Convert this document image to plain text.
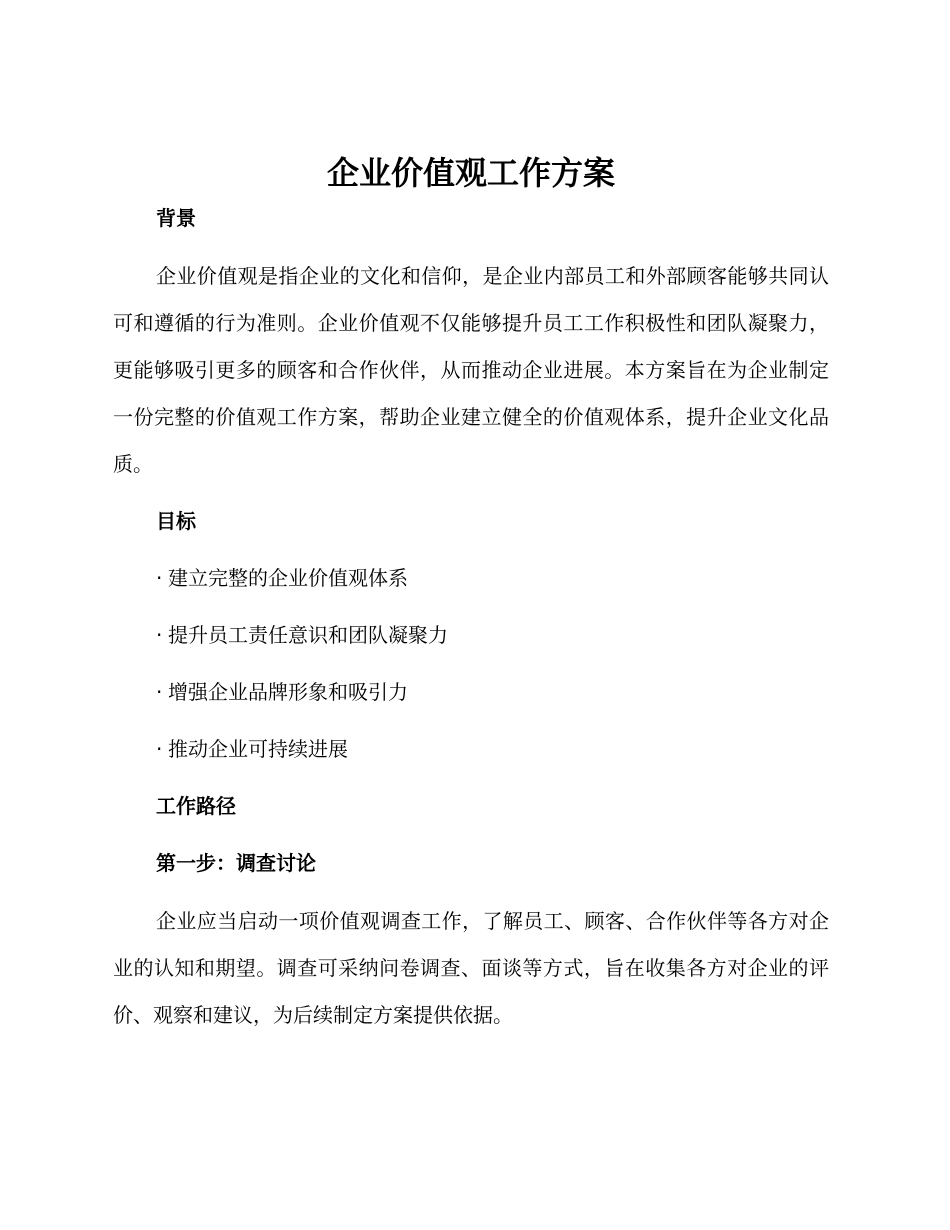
企业价值观工作方案
背景

企业价值观是指企业的文化和信仰，是企业内部员工和外部顾客能够共同认可和遵循的行为准则。企业价值观不仅能够提升员工工作积极性和团队凝聚力，更能够吸引更多的顾客和合作伙伴，从而推动企业进展。本方案旨在为企业制定一份完整的价值观工作方案，帮助企业建立健全的价值观体系，提升企业文化品质。

目标

· 建立完整的企业价值观体系

· 提升员工责任意识和团队凝聚力

· 增强企业品牌形象和吸引力

· 推动企业可持续进展

工作路径
第一步：调查讨论

企业应当启动一项价值观调查工作，了解员工、顾客、合作伙伴等各方对企业的认知和期望。调查可采纳问卷调查、面谈等方式，旨在收集各方对企业的评价、观察和建议，为后续制定方案提供依据。
